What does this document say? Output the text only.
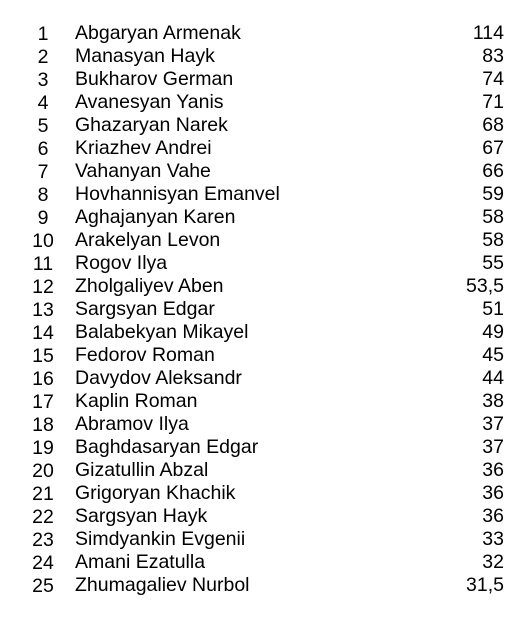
1	Abgaryan Armenak	114
2	Manasyan Hayk	83
3	Bukharov German	74
4	Avanesyan Yanis	71
5	Ghazaryan Narek	68
6	Kriazhev Andrei	67
7	Vahanyan Vahe	66
8	Hovhannisyan Emanvel	59
9	Aghajanyan Karen	58
10 Arakelyan Levon	58
11 Rogov Ilya	55
12 Zholgaliyev Aben	53,5
13 Sargsyan Edgar	51
14 Balabekyan Mikayel	49
15 Fedorov Roman	45
16 Davydov Aleksandr	44
17 Kaplin Roman	38
18 Abramov Ilya	37
19 Baghdasaryan Edgar	37
20 Gizatullin Abzal	36
21 Grigoryan Khachik	36
22 Sargsyan Hayk	36
23 Simdyankin Evgenii	33
24 Amani Ezatulla	32
25 Zhumagaliev Nurbol	31,5
